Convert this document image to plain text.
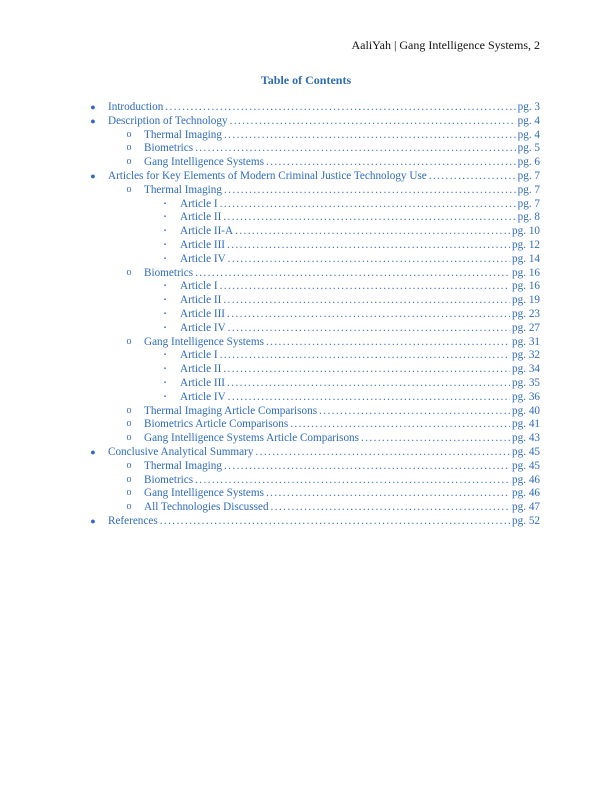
AaliYah | Gang Intelligence Systems, 2
Table of Contents
● Introduction .....	pg. 3
● Description of Technology .....	pg. 4
o Thermal Imaging .....	pg. 4
o Biometrics .....	pg. 5
o Gang Intelligence Systems .....	pg. 6
● Articles for Key Elements of Modern Criminal Justice Technology Use .....	pg. 7
o Thermal Imaging .....	pg. 7
▪	Article I .....	pg. 7
▪	Article II .....	pg. 8
▪	Article II-A .....	pg. 10
▪	Article III .....	pg. 12
▪	Article IV .....	pg. 14
o Biometrics .....	pg. 16
▪	Article I .....	pg. 16
▪	Article II .....	pg. 19
▪	Article III .....	pg. 23
▪	Article IV .....	pg. 27
o Gang Intelligence Systems .....	pg. 31
▪	Article I .....	pg. 32
▪	Article II .....	pg. 34
▪	Article III .....	pg. 35
▪	Article IV .....	pg. 36
o Thermal Imaging Article Comparisons .....	pg. 40
o Biometrics Article Comparisons .....	pg. 41
o Gang Intelligence Systems Article Comparisons .....	pg. 43
● Conclusive Analytical Summary .....	pg. 45
o Thermal Imaging .....	pg. 45
o Biometrics .....	pg. 46
o Gang Intelligence Systems .....	pg. 46
o All Technologies Discussed .....	pg. 47
● References .....	pg. 52
